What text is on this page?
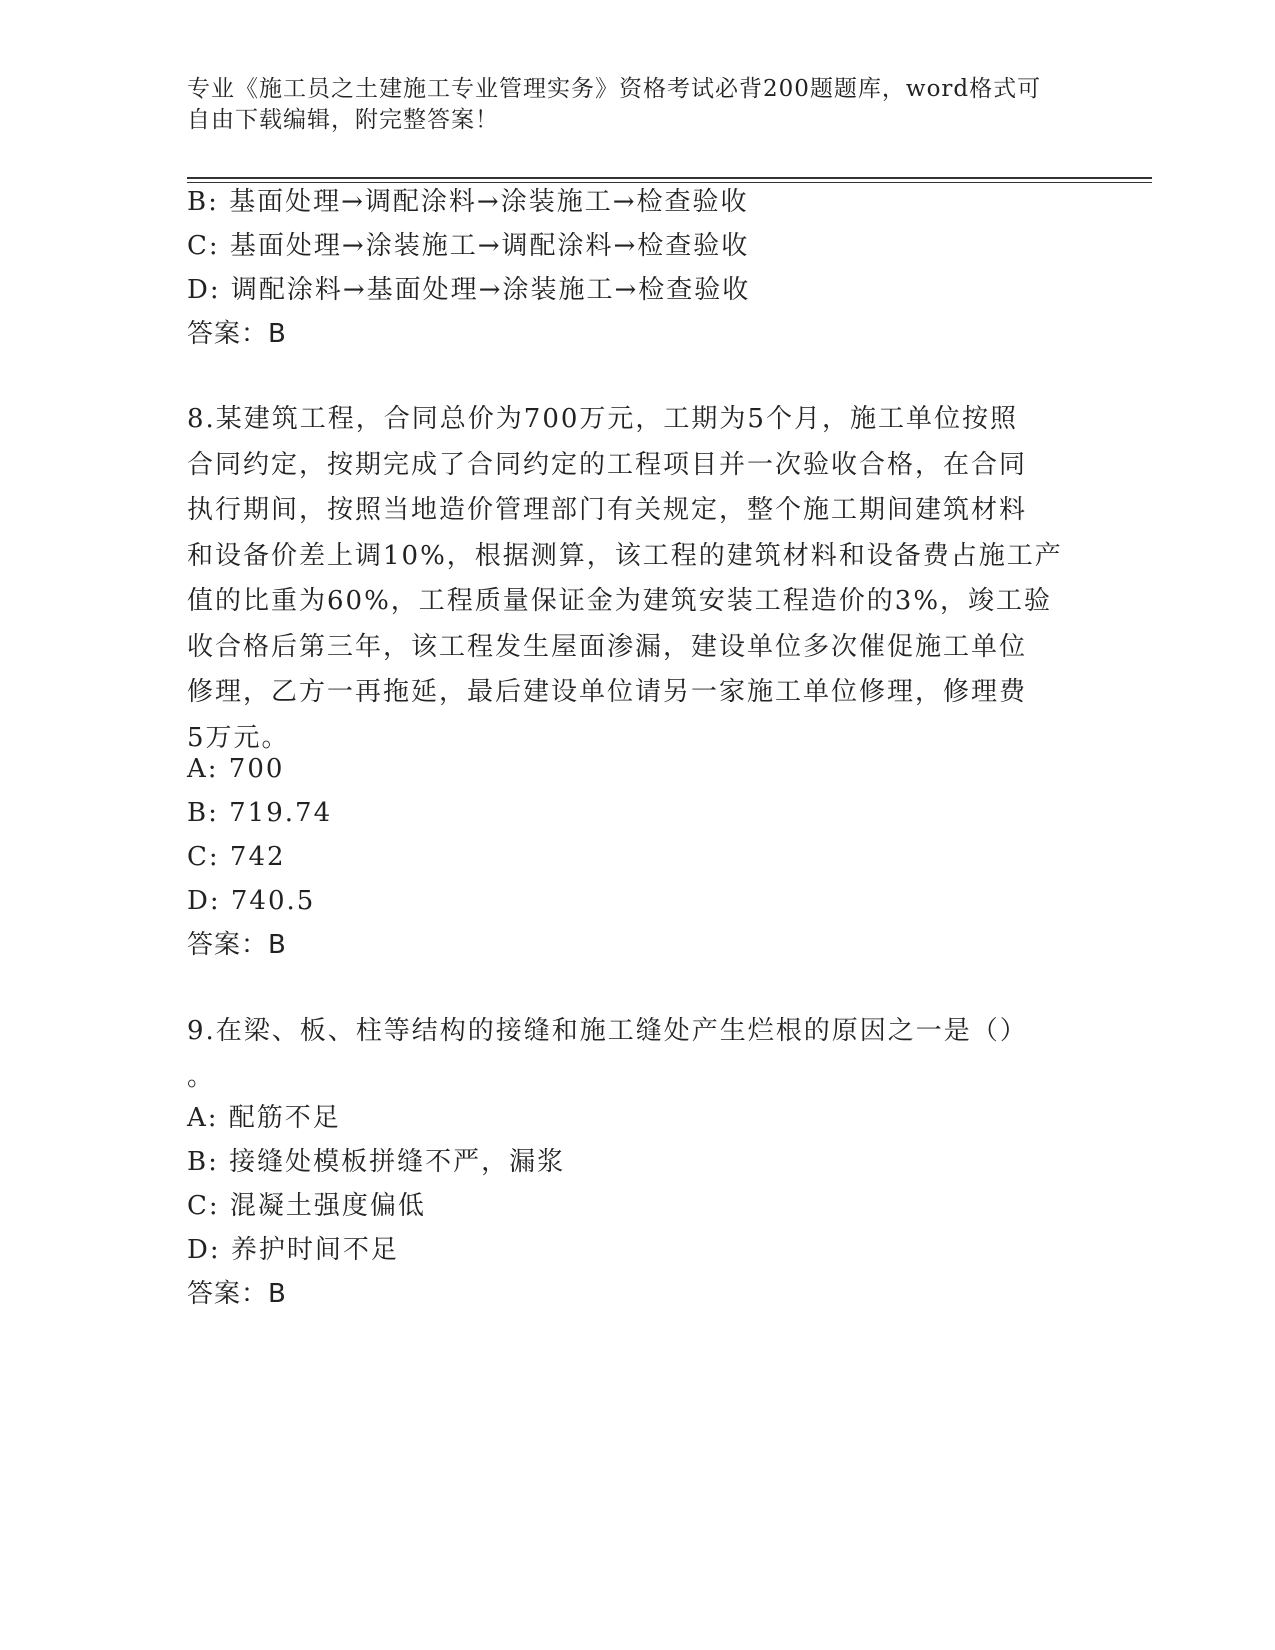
专业《施工员之土建施工专业管理实务》资格考试必背200题题库，word格式可
自由下载编辑，附完整答案！
B: 基面处理→调配涂料→涂装施工→检查验收
C: 基面处理→涂装施工→调配涂料→检查验收
D: 调配涂料→基面处理→涂装施工→检查验收
答案：B
8.某建筑工程，合同总价为700万元，工期为5个月，施工单位按照
合同约定，按期完成了合同约定的工程项目并一次验收合格，在合同
执行期间，按照当地造价管理部门有关规定，整个施工期间建筑材料
和设备价差上调10%，根据测算，该工程的建筑材料和设备费占施工产
值的比重为60%，工程质量保证金为建筑安装工程造价的3%，竣工验
收合格后第三年，该工程发生屋面渗漏，建设单位多次催促施工单位
修理，乙方一再拖延，最后建设单位请另一家施工单位修理，修理费
5万元。
A: 700
B: 719.74
C: 742
D: 740.5
答案：B
9.在梁、板、柱等结构的接缝和施工缝处产生烂根的原因之一是（）
。
A: 配筋不足
B: 接缝处模板拼缝不严，漏浆
C: 混凝土强度偏低
D: 养护时间不足
答案：B
